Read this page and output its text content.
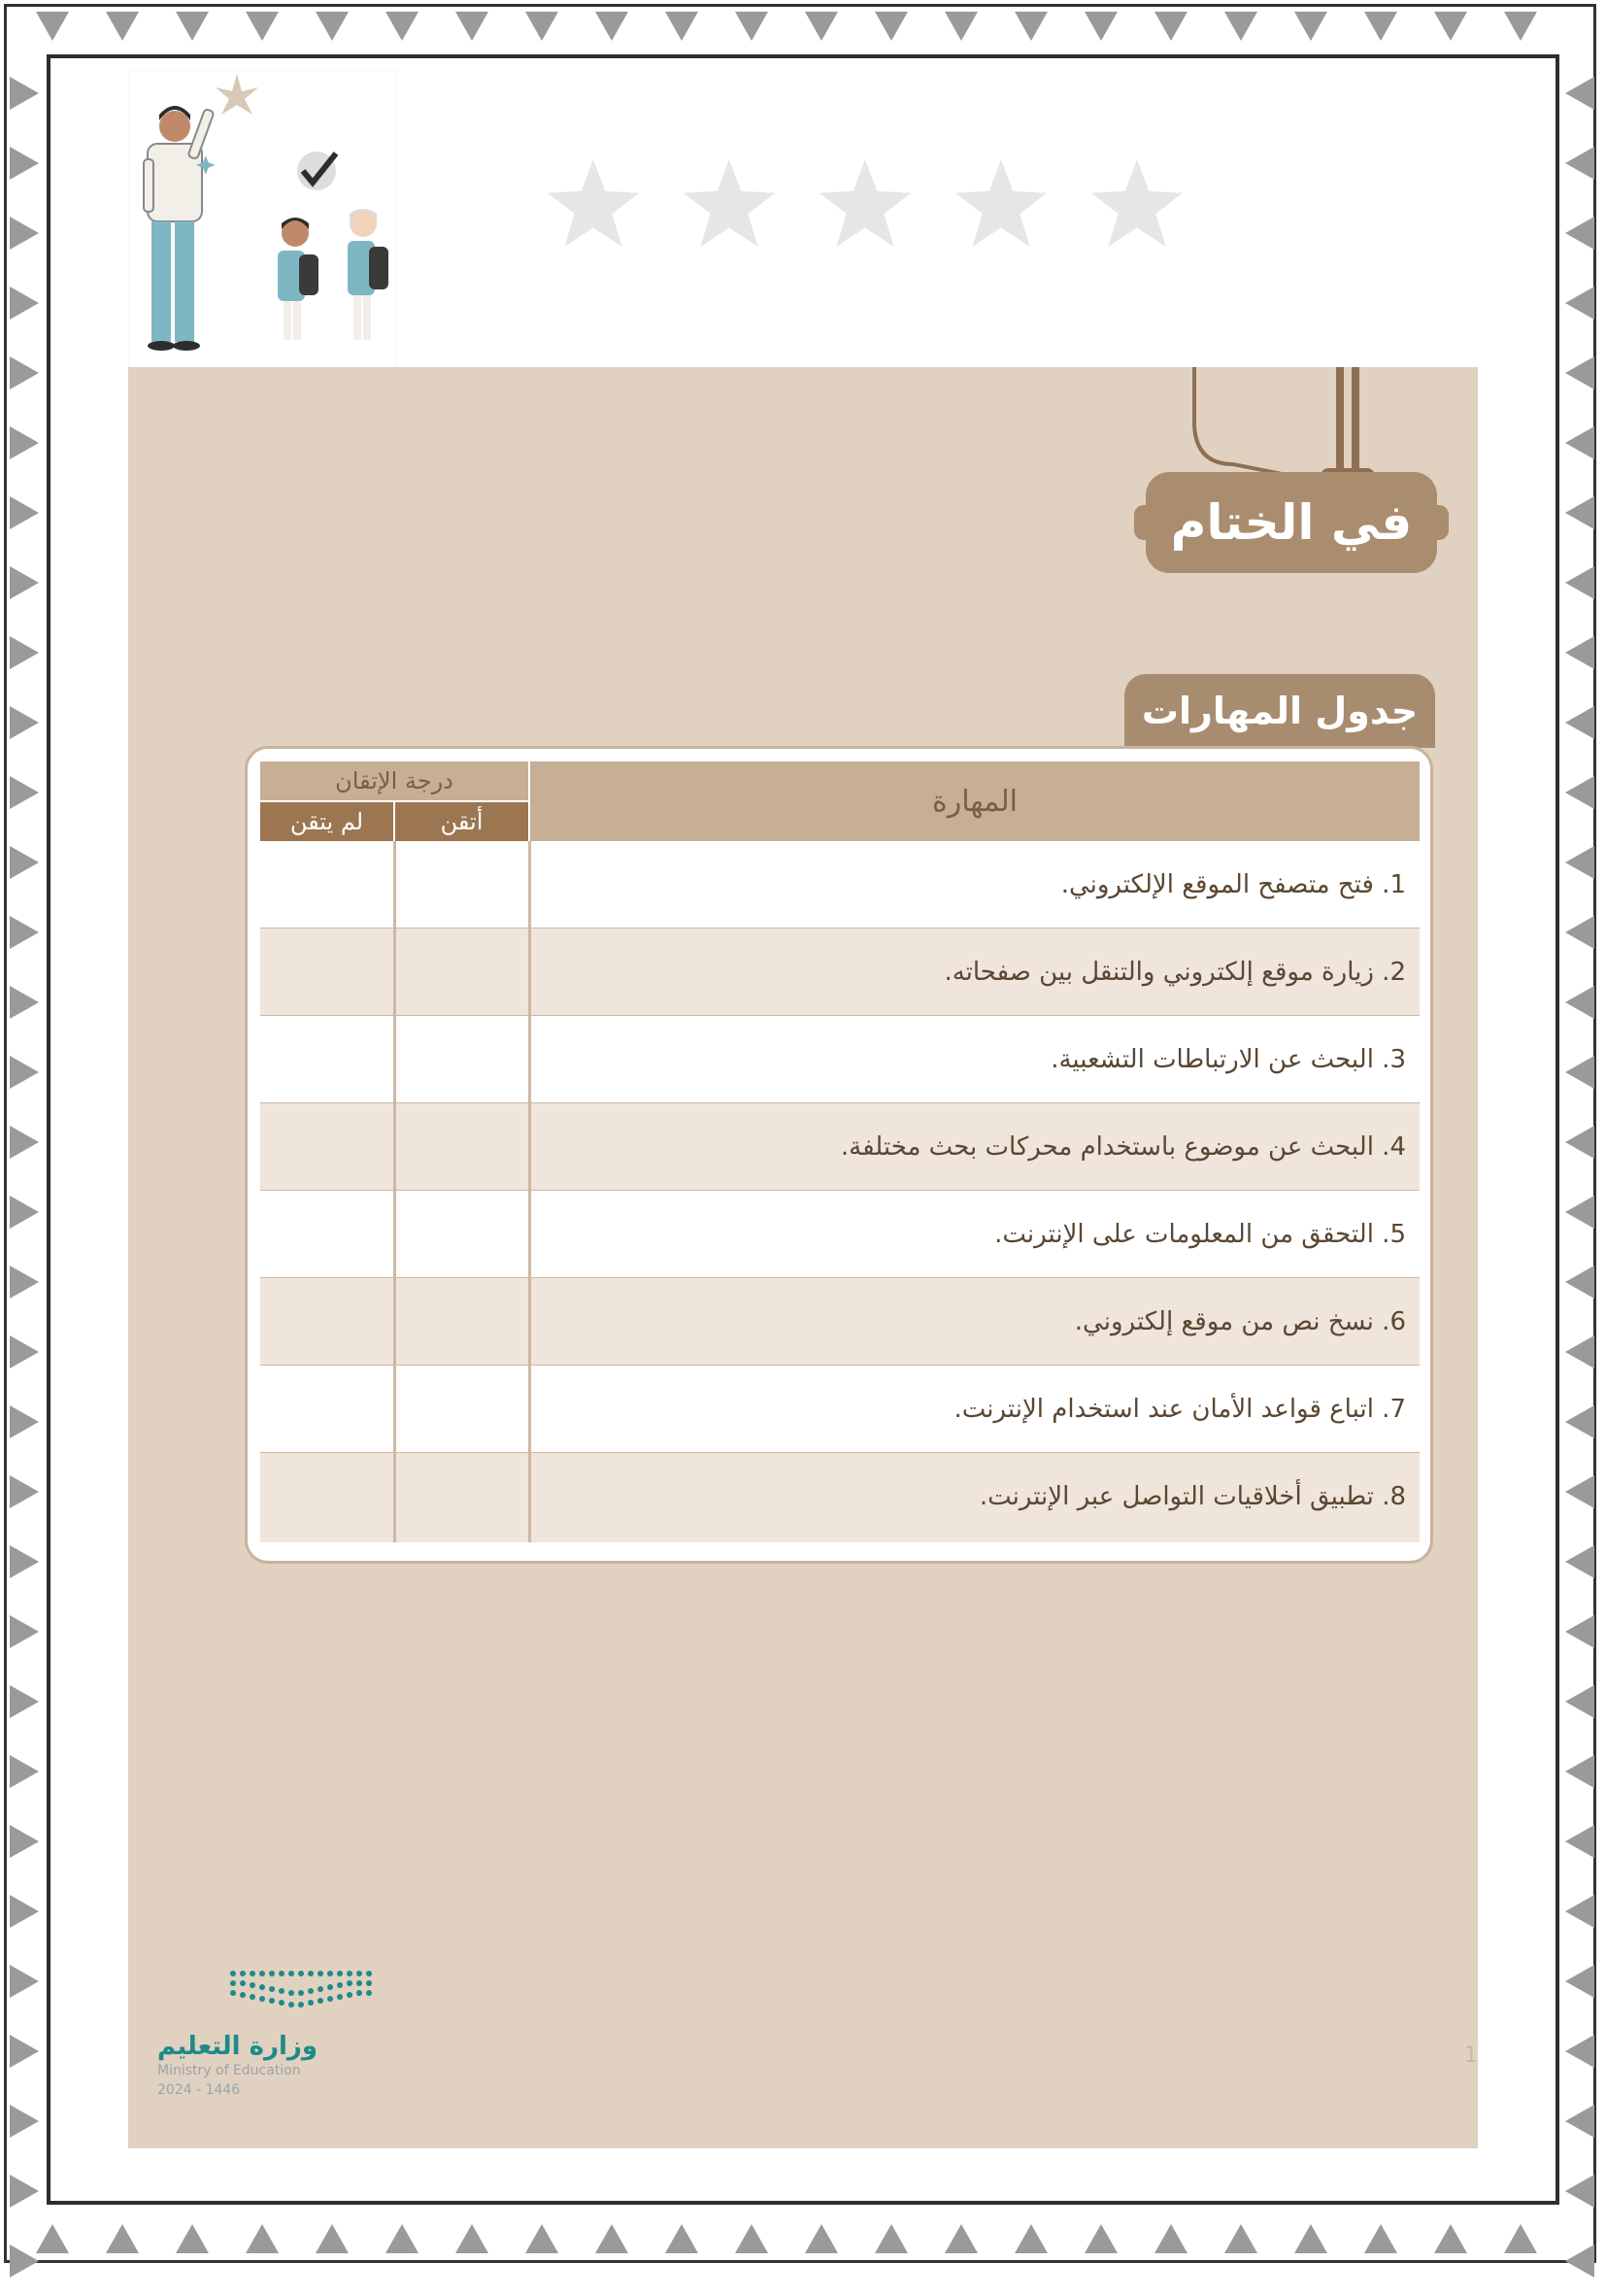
في الختام
جدول المهارات
المهارة
درجة الإتقان
أتقن
لم يتقن
1. فتح متصفح الموقع الإلكتروني.
2. زيارة موقع إلكتروني والتنقل بين صفحاته.
3. البحث عن الارتباطات التشعبية.
4. البحث عن موضوع باستخدام محركات بحث مختلفة.
5. التحقق من المعلومات على الإنترنت.
6. نسخ نص من موقع إلكتروني.
7. اتباع قواعد الأمان عند استخدام الإنترنت.
8. تطبيق أخلاقيات التواصل عبر الإنترنت.
وزارة التعليم
Ministry of Education
2024 - 1446
1
